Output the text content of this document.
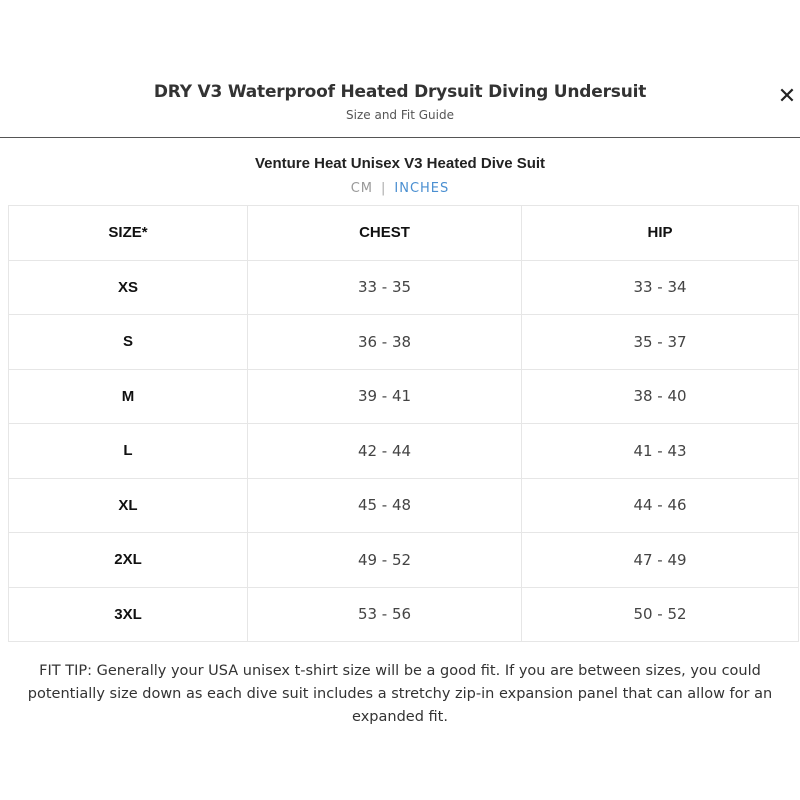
DRY V3 Waterproof Heated Drysuit Diving Undersuit
Size and Fit Guide
✕
Venture Heat Unisex V3 Heated Dive Suit
CM | INCHES
SIZE*	CHEST	HIP
XS	33 - 35	33 - 34
S	36 - 38	35 - 37
M	39 - 41	38 - 40
L	42 - 44	41 - 43
XL	45 - 48	44 - 46
2XL	49 - 52	47 - 49
3XL	53 - 56	50 - 52
FIT TIP: Generally your USA unisex t-shirt size will be a good fit. If you are between sizes, you could potentially size down as each dive suit includes a stretchy zip-in expansion panel that can allow for an expanded fit.
